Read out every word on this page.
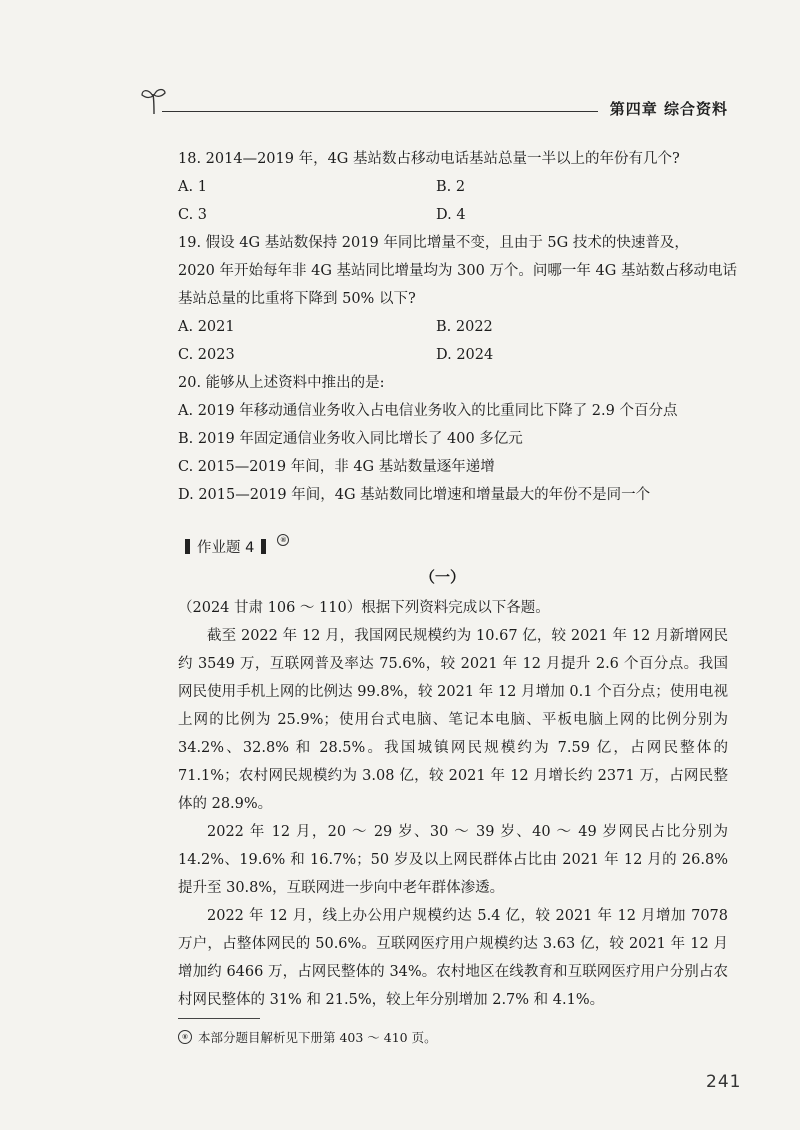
第四章 综合资料
18. 2014—2019 年，4G 基站数占移动电话基站总量一半以上的年份有几个?
A. 1	B. 2
C. 3	D. 4
19. 假设 4G 基站数保持 2019 年同比增量不变，且由于 5G 技术的快速普及，
2020 年开始每年非 4G 基站同比增量均为 300 万个。问哪一年 4G 基站数占移动电话
基站总量的比重将下降到 50% 以下?
A. 2021	B. 2022
C. 2023	D. 2024
20. 能够从上述资料中推出的是:
A. 2019 年移动通信业务收入占电信业务收入的比重同比下降了 2.9 个百分点
B. 2019 年固定通信业务收入同比增长了 400 多亿元
C. 2015—2019 年间，非 4G 基站数量逐年递增
D. 2015—2019 年间，4G 基站数同比增速和增量最大的年份不是同一个
作业题 4
⑧
（一）
（2024 甘肃 106 ～ 110）根据下列资料完成以下各题。

截至 2022 年 12 月，我国网民规模约为 10.67 亿，较 2021 年 12 月新增网民约 3549 万，互联网普及率达 75.6%，较 2021 年 12 月提升 2.6 个百分点。我国网民使用手机上网的比例达 99.8%，较 2021 年 12 月增加 0.1 个百分点；使用电视上网的比例为 25.9%；使用台式电脑、笔记本电脑、平板电脑上网的比例分别为 34.2%、32.8% 和 28.5%。我国城镇网民规模约为 7.59 亿，占网民整体的 71.1%；农村网民规模约为 3.08 亿，较 2021 年 12 月增长约 2371 万，占网民整体的 28.9%。

2022 年 12 月，20 ～ 29 岁、30 ～ 39 岁、40 ～ 49 岁网民占比分别为 14.2%、19.6% 和 16.7%；50 岁及以上网民群体占比由 2021 年 12 月的 26.8% 提升至 30.8%，互联网进一步向中老年群体渗透。

2022 年 12 月，线上办公用户规模约达 5.4 亿，较 2021 年 12 月增加 7078 万户，占整体网民的 50.6%。互联网医疗用户规模约达 3.63 亿，较 2021 年 12 月增加约 6466 万，占网民整体的 34%。农村地区在线教育和互联网医疗用户分别占农村网民整体的 31% 和 21.5%，较上年分别增加 2.7% 和 4.1%。

⑧ 本部分题目解析见下册第 403 ～ 410 页。
241
